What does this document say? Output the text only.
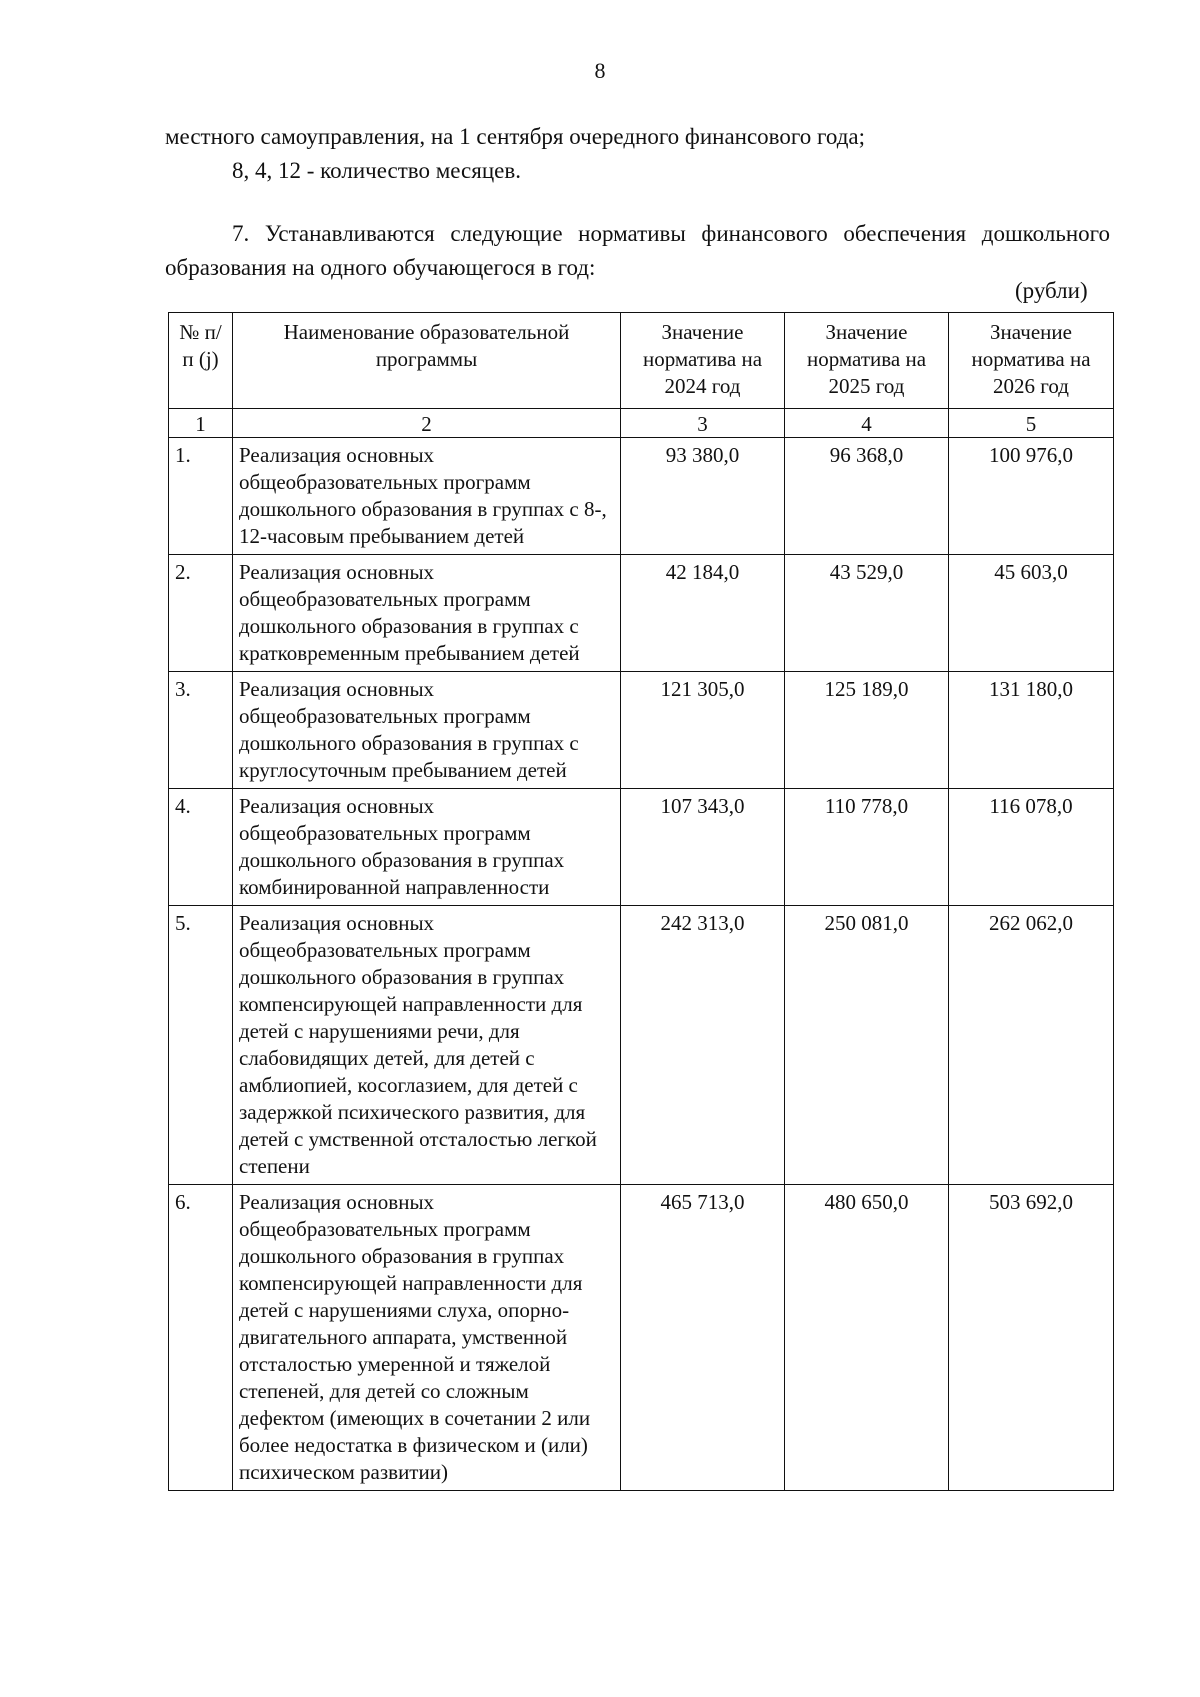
8

местного самоуправления, на 1 сентября очередного финансового года;

8, 4, 12 - количество месяцев.

7. Устанавливаются следующие нормативы финансового обеспечения дошкольного образования на одного обучающегося в год:

(рубли)
№ п/п (j)	Наименование образовательной программы	Значение норматива на 2024 год	Значение норматива на 2025 год	Значение норматива на 2026 год
1	2	3	4	5
1.	Реализация основных общеобразовательных программ дошкольного образования в группах с 8-, 12-часовым пребыванием детей	93 380,0	96 368,0	100 976,0
2.	Реализация основных общеобразовательных программ дошкольного образования в группах с кратковременным пребыванием детей	42 184,0	43 529,0	45 603,0
3.	Реализация основных общеобразовательных программ дошкольного образования в группах с круглосуточным пребыванием детей	121 305,0	125 189,0	131 180,0
4.	Реализация основных общеобразовательных программ дошкольного образования в группах комбинированной направленности	107 343,0	110 778,0	116 078,0
5.	Реализация основных общеобразовательных программ дошкольного образования в группах компенсирующей направленности для детей с нарушениями речи, для слабовидящих детей, для детей с амблиопией, косоглазием, для детей с задержкой психического развития, для детей с умственной отсталостью легкой степени	242 313,0	250 081,0	262 062,0
6.	Реализация основных общеобразовательных программ дошкольного образования в группах компенсирующей направленности для детей с нарушениями слуха, опорно-двигательного аппарата, умственной отсталостью умеренной и тяжелой степеней, для детей со сложным дефектом (имеющих в сочетании 2 или более недостатка в физическом и (или) психическом развитии)	465 713,0	480 650,0	503 692,0
